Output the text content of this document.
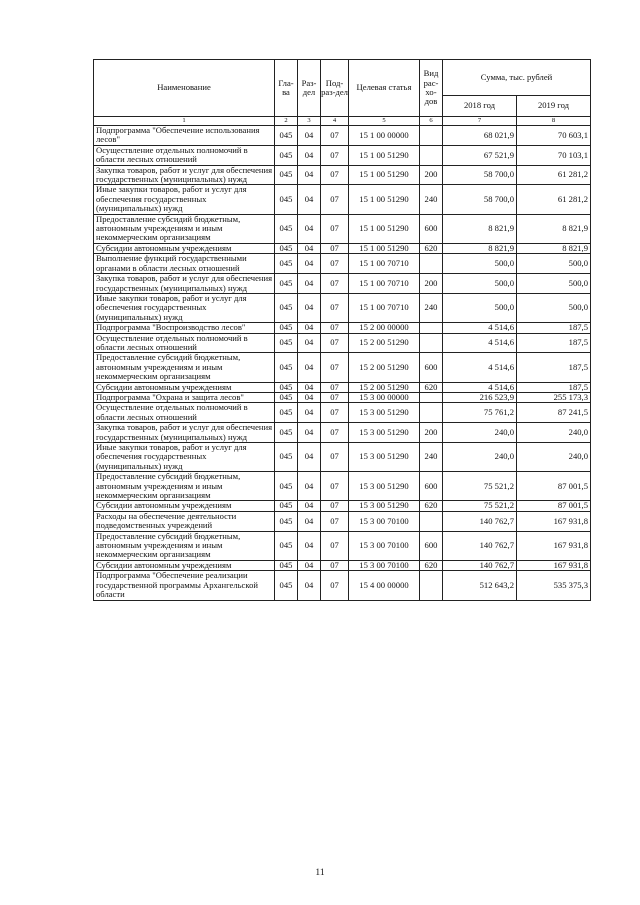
Наименование	Гла-ва	Раз-дел	Под-раз-дел	Целевая статья	Вид рас-хо-дов	Сумма, тыс. рублей	
						2018 год	2019 год
1	2	3	4	5	6	7	8
Подпрограмма "Обеспечение использования лесов"	045	04	07	15 1 00 00000		68 021,9	70 603,1
Осуществление отдельных полномочий в области лесных отношений	045	04	07	15 1 00 51290		67 521,9	70 103,1
Закупка товаров, работ и услуг для обеспечения государственных (муниципальных) нужд	045	04	07	15 1 00 51290	200	58 700,0	61 281,2
Иные закупки товаров, работ и услуг для обеспечения государственных (муниципальных) нужд	045	04	07	15 1 00 51290	240	58 700,0	61 281,2
Предоставление субсидий бюджетным, автономным учреждениям и иным некоммерческим организациям	045	04	07	15 1 00 51290	600	8 821,9	8 821,9
Субсидии автономным учреждениям	045	04	07	15 1 00 51290	620	8 821,9	8 821,9
Выполнение функций государственными органами в области лесных отношений	045	04	07	15 1 00 70710		500,0	500,0
Закупка товаров, работ и услуг для обеспечения государственных (муниципальных) нужд	045	04	07	15 1 00 70710	200	500,0	500,0
Иные закупки товаров, работ и услуг для обеспечения государственных (муниципальных) нужд	045	04	07	15 1 00 70710	240	500,0	500,0
Подпрограмма "Воспроизводство лесов"	045	04	07	15 2 00 00000		4 514,6	187,5
Осуществление отдельных полномочий в области лесных отношений	045	04	07	15 2 00 51290		4 514,6	187,5
Предоставление субсидий бюджетным, автономным учреждениям и иным некоммерческим организациям	045	04	07	15 2 00 51290	600	4 514,6	187,5
Субсидии автономным учреждениям	045	04	07	15 2 00 51290	620	4 514,6	187,5
Подпрограмма "Охрана и защита лесов"	045	04	07	15 3 00 00000		216 523,9	255 173,3
Осуществление отдельных полномочий в области лесных отношений	045	04	07	15 3 00 51290		75 761,2	87 241,5
Закупка товаров, работ и услуг для обеспечения государственных (муниципальных) нужд	045	04	07	15 3 00 51290	200	240,0	240,0
Иные закупки товаров, работ и услуг для обеспечения государственных (муниципальных) нужд	045	04	07	15 3 00 51290	240	240,0	240,0
Предоставление субсидий бюджетным, автономным учреждениям и иным некоммерческим организациям	045	04	07	15 3 00 51290	600	75 521,2	87 001,5
Субсидии автономным учреждениям	045	04	07	15 3 00 51290	620	75 521,2	87 001,5
Расходы на обеспечение деятельности подведомственных учреждений	045	04	07	15 3 00 70100		140 762,7	167 931,8
Предоставление субсидий бюджетным, автономным учреждениям и иным некоммерческим организациям	045	04	07	15 3 00 70100	600	140 762,7	167 931,8
Субсидии автономным учреждениям	045	04	07	15 3 00 70100	620	140 762,7	167 931,8
Подпрограмма "Обеспечение реализации государственной программы Архангельской области	045	04	07	15 4 00 00000		512 643,2	535 375,3
11
